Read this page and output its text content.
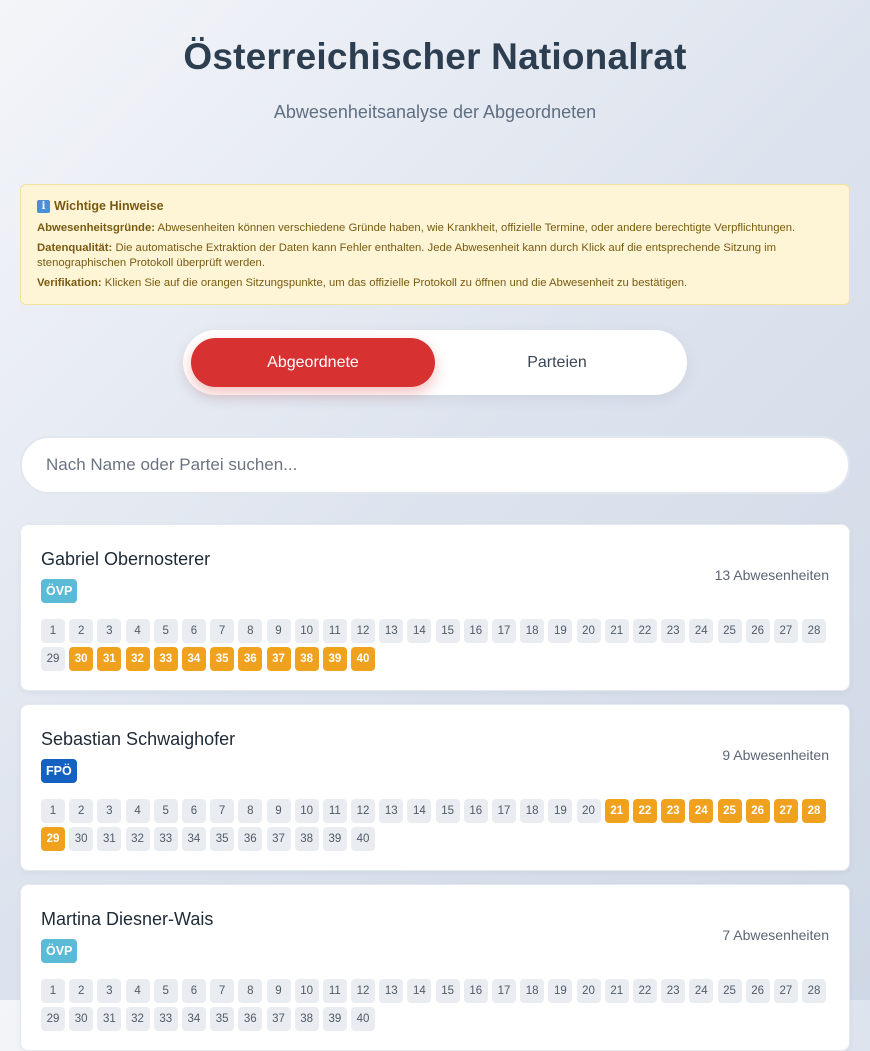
Österreichischer Nationalrat
Abwesenheitsanalyse der Abgeordneten
i Wichtige Hinweise

Abwesenheitsgründe: Abwesenheiten können verschiedene Gründe haben, wie Krankheit, offizielle Termine, oder andere berechtigte Verpflichtungen.

Datenqualität: Die automatische Extraktion der Daten kann Fehler enthalten. Jede Abwesenheit kann durch Klick auf die entsprechende Sitzung im stenographischen Protokoll überprüft werden.

Verifikation: Klicken Sie auf die orangen Sitzungspunkte, um das offizielle Protokoll zu öffnen und die Abwesenheit zu bestätigen.

Abgeordnete	Parteien
Nach Name oder Partei suchen...
Gabriel Obernosterer
ÖVP
13 Abwesenheiten
1	2	3	4	5	6	7	8	9	10	11	12	13	14	15	16	17	18	19	20	21	22	23	24	25	26	27	28
29	30	31	32	33	34	35	36	37	38	39	40
Sebastian Schwaighofer
FPÖ
9 Abwesenheiten
1	2	3	4	5	6	7	8	9	10	11	12	13	14	15	16	17	18	19	20	21	22	23	24	25	26	27	28
29	30	31	32	33	34	35	36	37	38	39	40
Martina Diesner-Wais
ÖVP
7 Abwesenheiten
1	2	3	4	5	6	7	8	9	10	11	12	13	14	15	16	17	18	19	20	21	22	23	24	25	26	27	28
29	30	31	32	33	34	35	36	37	38	39	40
